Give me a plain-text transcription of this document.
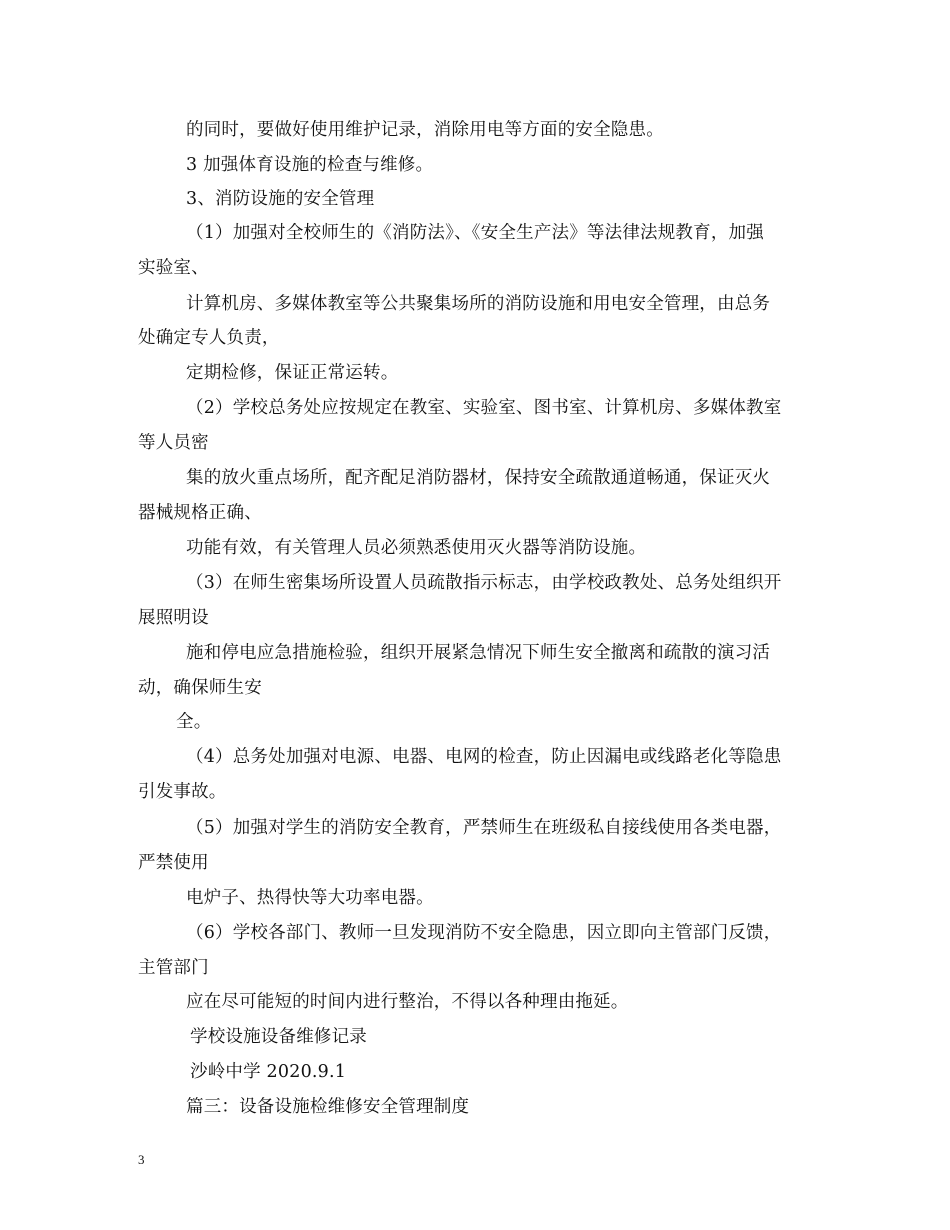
的同时，要做好使用维护记录，消除用电等方面的安全隐患。

3 加强体育设施的检查与维修。

3、消防设施的安全管理

（1）加强对全校师生的《消防法》、《安全生产法》等法律法规教育，加强

实验室、

计算机房、多媒体教室等公共聚集场所的消防设施和用电安全管理，由总务

处确定专人负责，

定期检修，保证正常运转。

（2）学校总务处应按规定在教室、实验室、图书室、计算机房、多媒体教室

等人员密

集的放火重点场所，配齐配足消防器材，保持安全疏散通道畅通，保证灭火

器械规格正确、

功能有效，有关管理人员必须熟悉使用灭火器等消防设施。

（3）在师生密集场所设置人员疏散指示标志，由学校政教处、总务处组织开

展照明设

施和停电应急措施检验，组织开展紧急情况下师生安全撤离和疏散的演习活

动，确保师生安

全。

（4）总务处加强对电源、电器、电网的检查，防止因漏电或线路老化等隐患

引发事故。

（5）加强对学生的消防安全教育，严禁师生在班级私自接线使用各类电器，

严禁使用

电炉子、热得快等大功率电器。

（6）学校各部门、教师一旦发现消防不安全隐患，因立即向主管部门反馈，

主管部门

应在尽可能短的时间内进行整治，不得以各种理由拖延。

学校设施设备维修记录

沙岭中学 2020.9.1

篇三：设备设施检维修安全管理制度

3
